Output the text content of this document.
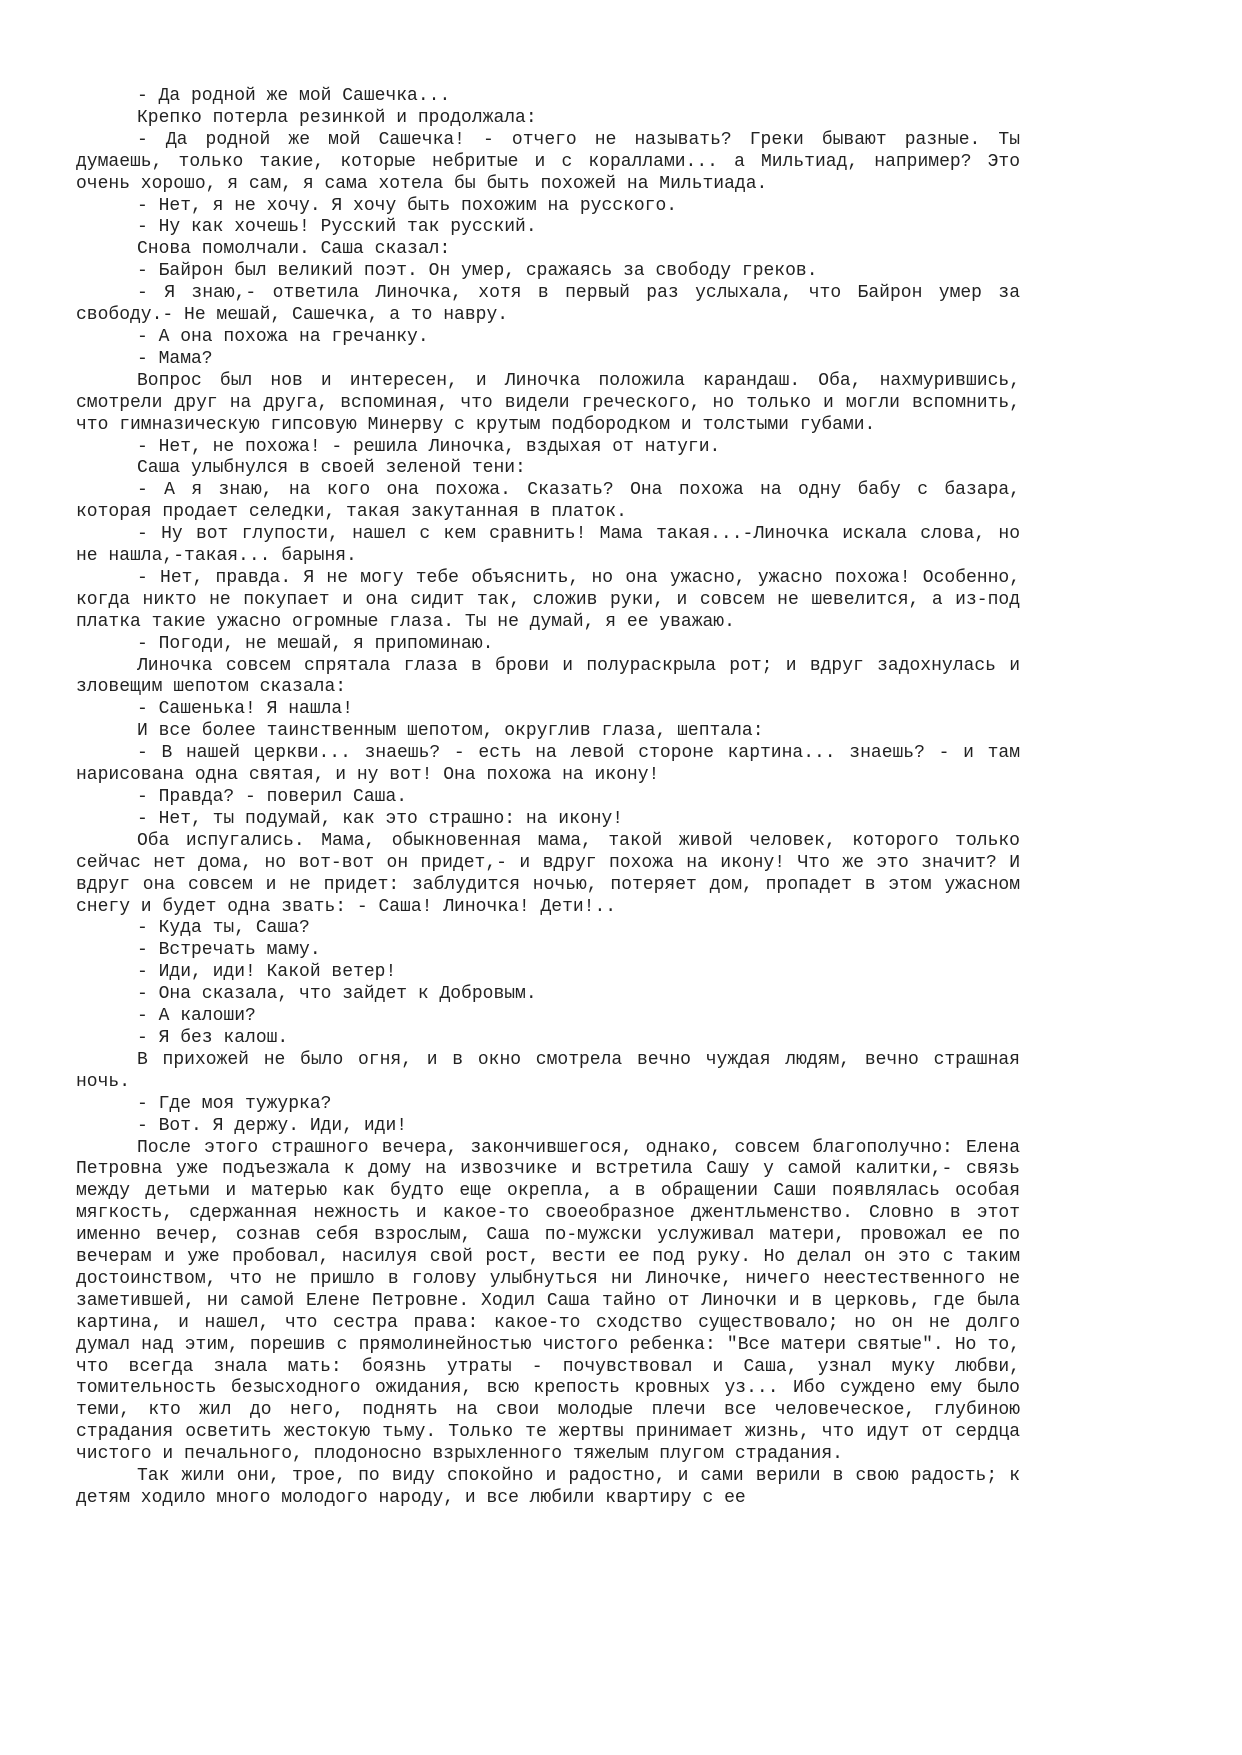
- Да родной же мой Сашечка...

Крепко потерла резинкой и продолжала:

- Да родной же мой Сашечка! - отчего не называть? Греки бывают разные. Ты думаешь, только такие, которые небритые и с кораллами... а Мильтиад, например? Это очень хорошо, я сам, я сама хотела бы быть похожей на Мильтиада.

- Нет, я не хочу. Я хочу быть похожим на русского.

- Ну как хочешь! Русский так русский.

Снова помолчали. Саша сказал:

- Байрон был великий поэт. Он умер, сражаясь за свободу греков.

- Я знаю,- ответила Линочка, хотя в первый раз услыхала, что Байрон умер за свободу.- Не мешай, Сашечка, а то навру.

- А она похожа на гречанку.

- Мама?

Вопрос был нов и интересен, и Линочка положила карандаш. Оба, нахмурившись, смотрели друг на друга, вспоминая, что видели греческого, но только и могли вспомнить, что гимназическую гипсовую Минерву с крутым подбородком и толстыми губами.

- Нет, не похожа! - решила Линочка, вздыхая от натуги.

Саша улыбнулся в своей зеленой тени:

- А я знаю, на кого она похожа. Сказать? Она похожа на одну бабу с базара, которая продает селедки, такая закутанная в платок.

- Ну вот глупости, нашел с кем сравнить! Мама такая...-Линочка искала слова, но не нашла,-такая... барыня.

- Нет, правда. Я не могу тебе объяснить, но она ужасно, ужасно похожа! Особенно, когда никто не покупает и она сидит так, сложив руки, и совсем не шевелится, а из-под платка такие ужасно огромные глаза. Ты не думай, я ее уважаю.

- Погоди, не мешай, я припоминаю.

Линочка совсем спрятала глаза в брови и полураскрыла рот; и вдруг задохнулась и зловещим шепотом сказала:

- Сашенька! Я нашла!

И все более таинственным шепотом, округлив глаза, шептала:

- В нашей церкви... знаешь? - есть на левой стороне картина... знаешь? - и там нарисована одна святая, и ну вот! Она похожа на икону!

- Правда? - поверил Саша.

- Нет, ты подумай, как это страшно: на икону!

Оба испугались. Мама, обыкновенная мама, такой живой человек, которого только сейчас нет дома, но вот-вот он придет,- и вдруг похожа на икону! Что же это значит? И вдруг она совсем и не придет: заблудится ночью, потеряет дом, пропадет в этом ужасном снегу и будет одна звать: - Саша! Линочка! Дети!..

- Куда ты, Саша?

- Встречать маму.

- Иди, иди! Какой ветер!

- Она сказала, что зайдет к Добровым.

- А калоши?

- Я без калош.

В прихожей не было огня, и в окно смотрела вечно чуждая людям, вечно страшная ночь.

- Где моя тужурка?

- Вот. Я держу. Иди, иди!

После этого страшного вечера, закончившегося, однако, совсем благополучно: Елена Петровна уже подъезжала к дому на извозчике и встретила Сашу у самой калитки,- связь между детьми и матерью как будто еще окрепла, а в обращении Саши появлялась особая мягкость, сдержанная нежность и какое-то своеобразное джентльменство. Словно в этот именно вечер, сознав себя взрослым, Саша по-мужски услуживал матери, провожал ее по вечерам и уже пробовал, насилуя свой рост, вести ее под руку. Но делал он это с таким достоинством, что не пришло в голову улыбнуться ни Линочке, ничего неестественного не заметившей, ни самой Елене Петровне. Ходил Саша тайно от Линочки и в церковь, где была картина, и нашел, что сестра права: какое-то сходство существовало; но он не долго думал над этим, порешив с прямолинейностью чистого ребенка: "Все матери святые". Но то, что всегда знала мать: боязнь утраты - почувствовал и Саша, узнал муку любви, томительность безысходного ожидания, всю крепость кровных уз... Ибо суждено ему было теми, кто жил до него, поднять на свои молодые плечи все человеческое, глубиною страдания осветить жестокую тьму. Только те жертвы принимает жизнь, что идут от сердца чистого и печального, плодоносно взрыхленного тяжелым плугом страдания.

Так жили они, трое, по виду спокойно и радостно, и сами верили в свою радость; к детям ходило много молодого народу, и все любили квартиру с ее
